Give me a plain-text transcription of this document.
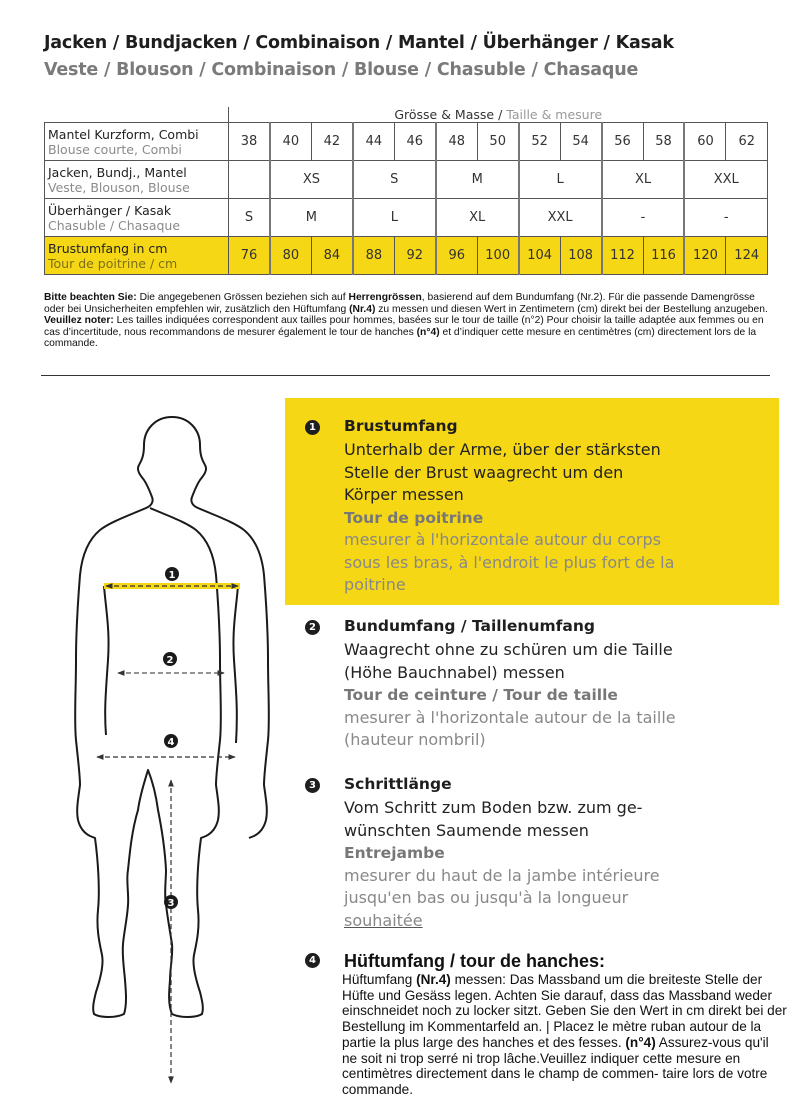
Jacken / Bundjacken / Combinaison / Mantel / Überhänger / Kasak
Veste / Blouson / Combinaison / Blouse / Chasuble / Chasaque
	Grösse & Masse / Taille & mesure												

Mantel Kurzform, Combi
Blouse courte, Combi	38	40	42	44	46	48	50	52	54	56	58	60	62

Jacken, Bundj., Mantel
Veste, Blouson, Blouse		XS		S		M		L		XL		XXL	

Überhänger / Kasak
Chasuble / Chasaque	S	M		L		XL		XXL		-		-	

Brustumfang in cm
Tour de poitrine / cm	76	80	84	88	92	96	100	104	108	112	116	120	124
Bitte beachten Sie: Die angegebenen Grössen beziehen sich auf Herrengrössen, basierend auf dem Bundumfang (Nr.2). Für die passende Damengrösse oder bei Unsicherheiten empfehlen wir, zusätzlich den Hüftumfang (Nr.4) zu messen und diesen Wert in Zentimetern (cm) direkt bei der Bestellung anzugeben. Veuillez noter: Les tailles indiquées correspondent aux tailles pour hommes, basées sur le tour de taille (n°2) Pour choisir la taille adaptée aux femmes ou en cas d’incertitude, nous recommandons de mesurer également le tour de hanches (n°4) et d’indiquer cette mesure en centimètres (cm) directement lors de la commande.
1 Brustumfang
Unterhalb der Arme, über der stärksten
Stelle der Brust waagrecht um den
Körper messen
Tour de poitrine
mesurer à l'horizontale autour du corps
sous les bras, à l'endroit le plus fort de la
poitrine
2 Bundumfang / Taillenumfang
Waagrecht ohne zu schüren um die Taille
(Höhe Bauchnabel) messen
Tour de ceinture / Tour de taille
mesurer à l'horizontale autour de la taille
(hauteur nombril)
3 Schrittlänge
Vom Schritt zum Boden bzw. zum ge-
wünschten Saumende messen
Entrejambe
mesurer du haut de la jambe intérieure
jusqu'en bas ou jusqu'à la longueur
souhaitée
4 Hüftumfang / tour de hanches:
Hüftumfang (Nr.4) messen: Das Massband um die breiteste Stelle der Hüfte und Gesäss legen. Achten Sie darauf, dass das Massband weder einschneidet noch zu locker sitzt. Geben Sie den Wert in cm direkt bei der Bestellung im Kommentarfeld an. | Placez le mètre ruban autour de la partie la plus large des hanches et des fesses. (n°4) Assurez-vous qu'il ne soit ni trop serré ni trop lâche.Veuillez indiquer cette mesure en centimètres directement dans le champ de commen- taire lors de votre commande.
1
2
4
3
